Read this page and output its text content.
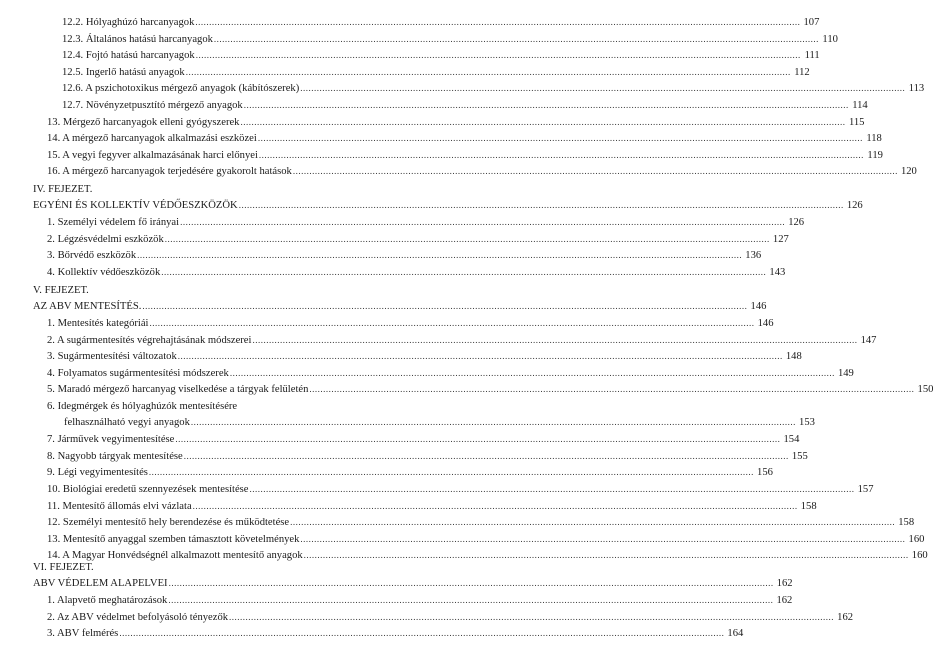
12.2. Hólyaghúzó harcanyagok ............................................................................................................................................................................................................................ 107
12.3. Általános hatású harcanyagok ............................................................................................................................................................................................................................ 110
12.4. Fojtó hatású harcanyagok ............................................................................................................................................................................................................................ 111
12.5. Ingerlő hatású anyagok ............................................................................................................................................................................................................................ 112
12.6. A pszichotoxikus mérgező anyagok (kábítószerek) ............................................................................................................................................................................................................................ 113
12.7. Növényzetpusztító mérgező anyagok ............................................................................................................................................................................................................................ 114
13. Mérgező harcanyagok elleni gyógyszerek ............................................................................................................................................................................................................................ 115
14. A mérgező harcanyagok alkalmazási eszközei ............................................................................................................................................................................................................................ 118
15. A vegyi fegyver alkalmazásának harci előnyei ............................................................................................................................................................................................................................ 119
16. A mérgező harcanyagok terjedésére gyakorolt hatások ............................................................................................................................................................................................................................ 120
IV. FEJEZET.
EGYÉNI ÉS KOLLEKTÍV VÉDŐESZKÖZÖK ............................................................................................................................................................................................................................ 126
1. Személyi védelem fő irányai ............................................................................................................................................................................................................................ 126
2. Légzésvédelmi eszközök ............................................................................................................................................................................................................................ 127
3. Bőrvédő eszközök ............................................................................................................................................................................................................................ 136
4. Kollektív védőeszközök ............................................................................................................................................................................................................................ 143
V. FEJEZET.
AZ ABV MENTESÍTÉS. ............................................................................................................................................................................................................................ 146
1. Mentesítés kategóriái ............................................................................................................................................................................................................................ 146
2. A sugármentesítés végrehajtásának módszerei ............................................................................................................................................................................................................................ 147
3. Sugármentesítési változatok ............................................................................................................................................................................................................................ 148
4. Folyamatos sugármentesítési módszerek ............................................................................................................................................................................................................................ 149
5. Maradó mérgező harcanyag viselkedése a tárgyak felületén ............................................................................................................................................................................................................................ 150
6. Idegmérgek és hólyaghúzók mentesítésére
felhasználható vegyi anyagok ............................................................................................................................................................................................................................ 153
7. Járművek vegyimentesítése ............................................................................................................................................................................................................................ 154
8. Nagyobb tárgyak mentesítése ............................................................................................................................................................................................................................ 155
9. Légi vegyimentesítés ............................................................................................................................................................................................................................ 156
10. Biológiai eredetű szennyezések mentesítése ............................................................................................................................................................................................................................ 157
11. Mentesítő állomás elvi vázlata ............................................................................................................................................................................................................................ 158
12. Személyi mentesítő hely berendezése és működtetése ............................................................................................................................................................................................................................ 158
13. Mentesítő anyaggal szemben támasztott követelmények ............................................................................................................................................................................................................................ 160
14. A Magyar Honvédségnél alkalmazott mentesítő anyagok ............................................................................................................................................................................................................................ 160
VI. FEJEZET.
ABV VÉDELEM ALAPELVEI ............................................................................................................................................................................................................................ 162
1. Alapvető meghatározások ............................................................................................................................................................................................................................ 162
2. Az ABV védelmet befolyásoló tényezők ............................................................................................................................................................................................................................ 162
3. ABV felmérés ............................................................................................................................................................................................................................ 164
